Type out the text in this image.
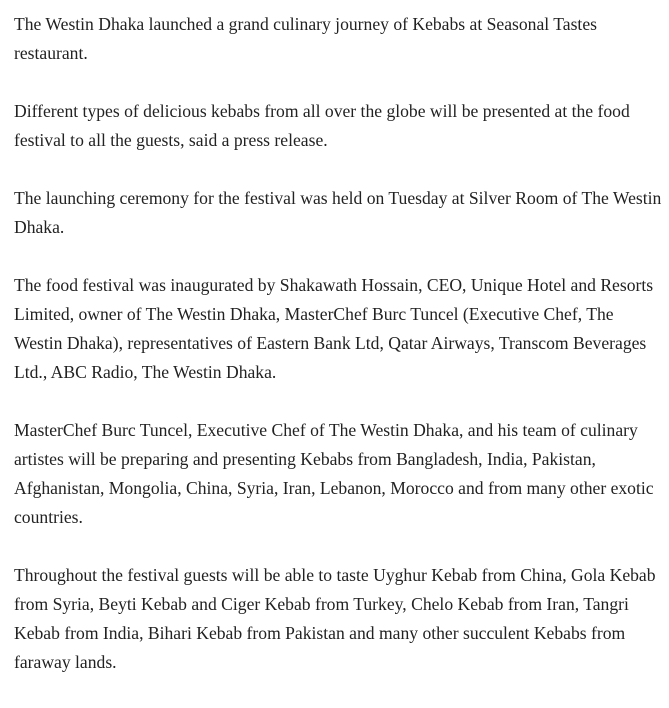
The Westin Dhaka launched a grand culinary journey of Kebabs at Seasonal Tastes restaurant.

Different types of delicious kebabs from all over the globe will be presented at the food festival to all the guests, said a press release.

The launching ceremony for the festival was held on Tuesday at Silver Room of The Westin Dhaka.

The food festival was inaugurated by Shakawath Hossain, CEO, Unique Hotel and Resorts Limited, owner of The Westin Dhaka, MasterChef Burc Tuncel (Executive Chef, The Westin Dhaka), representatives of Eastern Bank Ltd, Qatar Airways, Transcom Beverages Ltd., ABC Radio, The Westin Dhaka.

MasterChef Burc Tuncel, Executive Chef of The Westin Dhaka, and his team of culinary artistes will be preparing and presenting Kebabs from Bangladesh, India, Pakistan, Afghanistan, Mongolia, China, Syria, Iran, Lebanon, Morocco and from many other exotic countries.

Throughout the festival guests will be able to taste Uyghur Kebab from China, Gola Kebab from Syria, Beyti Kebab and Ciger Kebab from Turkey, Chelo Kebab from Iran, Tangri Kebab from India, Bihari Kebab from Pakistan and many other succulent Kebabs from faraway lands.
